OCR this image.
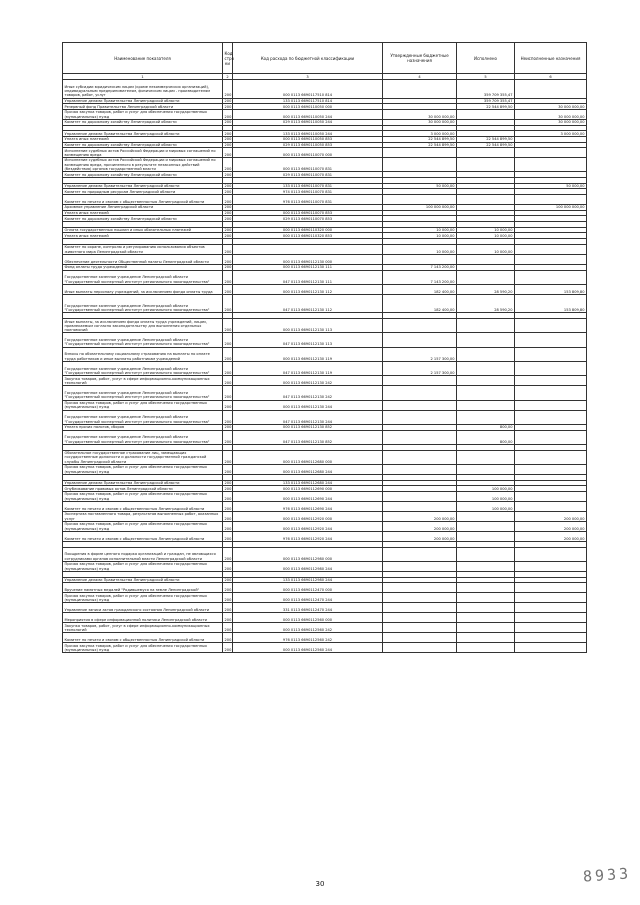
Наименование показателя	Код стро ки	Код расхода по бюджетной классификации	Утвержденные бюджетные назначения	Исполнено	Неисполненные назначения
1	2	3	4	5	6
Иные субсидии юридическим лицам (кроме некоммерческих организаций), индивидуальным предпринимателям, физическим лицам - производителям товаров, работ, услуг	200	000 0113 6690117510 814		359 709 355,47	
Управление делами Правительства Ленинградской области	200	133 0113 6690117510 814		359 709 355,47	
Резервный фонд Правительства Ленинградской области	200	000 0113 6690110050 000		22 544 899,50	30 000 000,00
Прочая закупка товаров, работ и услуг для обеспечения государственных (муниципальных) нужд	200	000 0113 6690110050 244	30 000 000,00		30 000 000,00
Комитет по дорожному хозяйству Ленинградской области	200	029 0113 6690110050 244	30 000 000,00		30 000 000,00

Управление делами Правительства Ленинградской области	200	133 0113 6690110050 244	3 000 000,00		3 000 000,00
Уплата иных платежей	200	000 0113 6690110050 853	22 544 899,50	22 544 899,50	
Комитет по дорожному хозяйству Ленинградской области	200	029 0113 6690110050 853	22 544 899,50	22 544 899,50	
Исполнение судебных актов Российской Федерации и мировых соглашений по возмещению вреда	200	000 0113 6690110070 000			
Исполнение судебных актов Российской Федерации и мировых соглашений по возмещению вреда, причиненного в результате незаконных действий (бездействия) органов государственной власти	200	000 0113 6690110070 831			
Комитет по дорожному хозяйству Ленинградской области	200	029 0113 6690110070 831			

Управление делами Правительства Ленинградской области	200	133 0113 6690110070 831	50 000,00		50 000,00
Комитет по природным ресурсам Ленинградской области	200	974 0113 6690110070 831			
Комитет по печати и связям с общественностью Ленинградской области	200	976 0113 6690110070 831			
Архивное управление Ленинградской области	200		100 000 000,00		100 000 000,00
Уплата иных платежей	200	000 0113 6690110070 853			
Комитет по дорожному хозяйству Ленинградской области	200	029 0113 6690110070 853			

Оплата государственных пошлин и иных обязательных платежей	200	000 0113 6690110320 000	10 000,00	10 000,00	
Уплата иных платежей	200	000 0113 6690110320 853	10 000,00	10 000,00	

Комитет по охране, контролю и регулированию использования объектов животного мира Ленинградской области	200		10 000,00	10 000,00	
Обеспечение деятельности Общественной палаты Ленинградской области	200	000 0113 6690112130 000			
Фонд оплаты труда учреждений	200	000 0113 6690112130 111	7 143 200,00		
Государственное казенное учреждение Ленинградской области "Государственный экспертный институт регионального законодательства"	200	047 0113 6690112130 111	7 143 200,00		
Иные выплаты персоналу учреждений, за исключением фонда оплаты труда	200	000 0113 6690112130 112	182 400,00	28 590,20	153 809,80
Государственное казенное учреждение Ленинградской области "Государственный экспертный институт регионального законодательства"	200	047 0113 6690112130 112	182 400,00	28 590,20	153 809,80

Иные выплаты, за исключением фонда оплаты труда учреждений, лицам, привлекаемым согласно законодательству для выполнения отдельных полномочий	200	000 0113 6690112130 113			
Государственное казенное учреждение Ленинградской области "Государственный экспертный институт регионального законодательства"	200	047 0113 6690112130 113			
Взносы по обязательному социальному страхованию на выплаты по оплате труда работников и иные выплаты работникам учреждений	200	000 0113 6690112130 119	2 157 300,00		
Государственное казенное учреждение Ленинградской области "Государственный экспертный институт регионального законодательства"	200	047 0113 6690112130 119	2 157 300,00		
Закупка товаров, работ, услуг в сфере информационно-коммуникационных технологий	200	000 0113 6690112130 242			
Государственное казенное учреждение Ленинградской области "Государственный экспертный институт регионального законодательства"	200	047 0113 6690112130 242			
Прочая закупка товаров, работ и услуг для обеспечения государственных (муниципальных) нужд	200	000 0113 6690112130 244			
Государственное казенное учреждение Ленинградской области "Государственный экспертный институт регионального законодательства"	200	047 0113 6690112130 244			
Уплата прочих налогов, сборов	200	000 0113 6690112130 852		800,00	
Государственное казенное учреждение Ленинградской области "Государственный экспертный институт регионального законодательства"	200	047 0113 6690112130 852		800,00	

Обязательное государственное страхование лиц, замещающих государственные должности и должности государственной гражданской службы Ленинградской области	200	000 0113 6690112680 000			
Прочая закупка товаров, работ и услуг для обеспечения государственных (муниципальных) нужд	200	000 0113 6690112680 244			

Управление делами Правительства Ленинградской области	200	133 0113 6690112680 244			
Опубликование правовых актов Ленинградской области	200	000 0113 6690112690 000		100 000,00	
Прочая закупка товаров, работ и услуг для обеспечения государственных (муниципальных) нужд	200	000 0113 6690112690 244		100 000,00	
Комитет по печати и связям с общественностью Ленинградской области	200	976 0113 6690112690 244		100 000,00	
Экспертиза поставленного товара, результатов выполненных работ, оказанных услуг	200	000 0113 6690112920 000	200 000,00		200 000,00
Прочая закупка товаров, работ и услуг для обеспечения государственных (муниципальных) нужд	200	000 0113 6690112920 244	200 000,00		200 000,00
Комитет по печати и связям с общественностью Ленинградской области	200	976 0113 6690112920 244	200 000,00		200 000,00

Поощрения в форме ценного подарка организаций и граждан, не являющихся сотрудниками органов исполнительной власти Ленинградской области	200	000 0113 6690112980 000			
Прочая закупка товаров, работ и услуг для обеспечения государственных (муниципальных) нужд	200	000 0113 6690112980 244			

Управление делами Правительства Ленинградской области	200	133 0113 6690112980 244			
Вручение памятных медалей "Родившемуся на земле Ленинградской"	200	000 0113 6690112470 000			
Прочая закупка товаров, работ и услуг для обеспечения государственных (муниципальных) нужд	200	000 0113 6690112470 244			
Управление записи актов гражданского состояния Ленинградской области	200	331 0113 6690112470 244			
Мероприятия в сфере информационной политики Ленинградской области	200	000 0113 6690112560 000			
Закупка товаров, работ, услуг в сфере информационно-коммуникационных технологий	200	000 0113 6690112560 242			
Комитет по печати и связям с общественностью Ленинградской области	200	976 0113 6690112560 242			
Прочая закупка товаров, работ и услуг для обеспечения государственных (муниципальных) нужд	200	000 0113 6690112560 244			
30	8933
